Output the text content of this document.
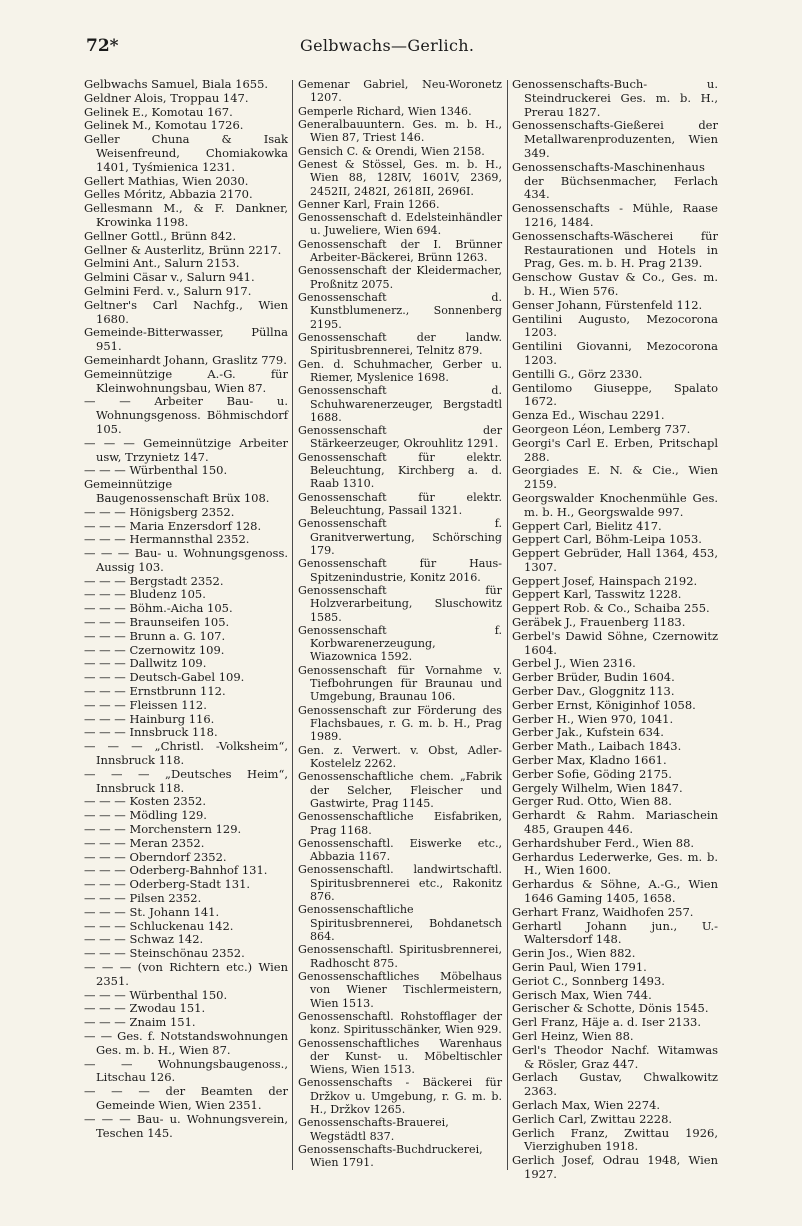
72*	Gelbwachs—Gerlich.

Gelbwachs Samuel, Biala 1655.

Geldner Alois, Troppau 147.

Gelinek E., Komotau 167.

Gelinek M., Komotau 1726.

Geller Chuna & Isak Weisenfreund, Chomiakowka 1401, Tyśmienica 1231.

Gellert Mathias, Wien 2030.

Gelles Móritz, Abbazia 2170.

Gellesmann M., & F. Dankner, Krowinka 1198.

Gellner Gottl., Brünn 842.

Gellner & Austerlitz, Brünn 2217.

Gelmini Ant., Salurn 2153.

Gelmini Cäsar v., Salurn 941.

Gelmini Ferd. v., Salurn 917.

Geltner's Carl Nachfg., Wien 1680.

Gemeinde-Bitterwasser, Püllna 951.

Gemeinhardt Johann, Graslitz 779.

Gemeinnützige A.-G. für Kleinwohnungsbau, Wien 87.

— — Arbeiter Bau- u. Wohnungsgenoss. Böhmischdorf 105.

— — — Gemeinnützige Arbeiter usw, Trzynietz 147.

— — — Würbenthal 150.

Gemeinnützige Baugenossenschaft Brüx 108.

— — — Hönigsberg 2352.

— — — Maria Enzersdorf 128.

— — — Hermannsthal 2352.

— — — Bau- u. Wohnungsgenoss. Aussig 103.

— — — Bergstadt 2352.

— — — Bludenz 105.

— — — Böhm.-Aicha 105.

— — — Braunseifen 105.

— — — Brunn a. G. 107.

— — — Czernowitz 109.

— — — Dallwitz 109.

— — — Deutsch-Gabel 109.

— — — Ernstbrunn 112.

— — — Fleissen 112.

— — — Hainburg 116.

— — — Innsbruck 118.

— — — „Christl. -Volksheim“, Innsbruck 118.

— — — „Deutsches Heim“, Innsbruck 118.

— — — Kosten 2352.

— — — Mödling 129.

— — — Morchenstern 129.

— — — Meran 2352.

— — — Oberndorf 2352.

— — — Oderberg-Bahnhof 131.

— — — Oderberg-Stadt 131.

— — — Pilsen 2352.

— — — St. Johann 141.

— — — Schluckenau 142.

— — — Schwaz 142.

— — — Steinschönau 2352.

— — — (von Richtern etc.) Wien 2351.

— — — Würbenthal 150.

— — — Zwodau 151.

— — — Znaim 151.

— — Ges. f. Notstandswohnungen Ges. m. b. H., Wien 87.

— — Wohnungsbaugenoss., Litschau 126.

— — — der Beamten der Gemeinde Wien, Wien 2351.

— — — Bau- u. Wohnungsverein, Teschen 145.

Gemenar Gabriel, Neu-Woronetz 1207.

Gemperle Richard, Wien 1346.

Generalbauuntern. Ges. m. b. H., Wien 87, Triest 146.

Gensich C. & Orendi, Wien 2158.

Genest & Stössel, Ges. m. b. H., Wien 88, 128IV, 1601V, 2369, 2452II, 2482I, 2618II, 2696I.

Genner Karl, Frain 1266.

Genossenschaft d. Edelsteinhändler u. Juweliere, Wien 694.

Genossenschaft der I. Brünner Arbeiter-Bäckerei, Brünn 1263.

Genossenschaft der Kleidermacher, Proßnitz 2075.

Genossenschaft d. Kunstblumenerz., Sonnenberg 2195.

Genossenschaft der landw. Spiritusbrennerei, Telnitz 879.

Gen. d. Schuhmacher, Gerber u. Riemer, Myslenice 1698.

Genossenschaft d. Schuhwarenerzeuger, Bergstadtl 1688.

Genossenschaft der Stärkeerzeuger, Okrouhlitz 1291.

Genossenschaft für elektr. Beleuchtung, Kirchberg a. d. Raab 1310.

Genossenschaft für elektr. Beleuchtung, Passail 1321.

Genossenschaft f. Granitverwertung, Schörsching 179.

Genossenschaft für Haus-Spitzenindustrie, Konitz 2016.

Genossenschaft für Holzverarbeitung, Sluschowitz 1585.

Genossenschaft f. Korbwarenerzeugung, Wiazownica 1592.

Genossenschaft für Vornahme v. Tiefbohrungen für Braunau und Umgebung, Braunau 106.

Genossenschaft zur Förderung des Flachsbaues, r. G. m. b. H., Prag 1989.

Gen. z. Verwert. v. Obst, Adler-Kostelelz 2262.

Genossenschaftliche chem. „Fabrik der Selcher, Fleischer und Gastwirte, Prag 1145.

Genossenschaftliche Eisfabriken, Prag 1168.

Genossenschaftl. Eiswerke etc., Abbazia 1167.

Genossenschaftl. landwirtschaftl. Spiritusbrennerei etc., Rakonitz 876.

Genossenschaftliche Spiritusbrennerei, Bohdanetsch 864.

Genossenschaftl. Spiritusbrennerei, Radhoscht 875.

Genossenschaftliches Möbelhaus von Wiener Tischlermeistern, Wien 1513.

Genossenschaftl. Rohstofflager der konz. Spiritusschänker, Wien 929.

Genossenschaftliches Warenhaus der Kunst- u. Möbeltischler Wiens, Wien 1513.

Genossenschafts - Bäckerei für Držkov u. Umgebung, r. G. m. b. H., Držkov 1265.

Genossenschafts-Brauerei, Wegstädtl 837.

Genossenschafts-Buchdruckerei, Wien 1791.

Genossenschafts-Buch- u. Steindruckerei Ges. m. b. H., Prerau 1827.

Genossenschafts-Gießerei der Metallwarenproduzenten, Wien 349.

Genossenschafts-Maschinenhaus der Büchsenmacher, Ferlach 434.

Genossenschafts - Mühle, Raase 1216, 1484.

Genossenschafts-Wäscherei für Restaurationen und Hotels in Prag, Ges. m. b. H. Prag 2139.

Genschow Gustav & Co., Ges. m. b. H., Wien 576.

Genser Johann, Fürstenfeld 112.

Gentilini Augusto, Mezocorona 1203.

Gentilini Giovanni, Mezocorona 1203.

Gentilli G., Görz 2330.

Gentilomo Giuseppe, Spalato 1672.

Genza Ed., Wischau 2291.

Georgeon Léon, Lemberg 737.

Georgi's Carl E. Erben, Pritschapl 288.

Georgiades E. N. & Cie., Wien 2159.

Georgswalder Knochenmühle Ges. m. b. H., Georgswalde 997.

Geppert Carl, Bielitz 417.

Geppert Carl, Böhm-Leipa 1053.

Geppert Gebrüder, Hall 1364, 453, 1307.

Geppert Josef, Hainspach 2192.

Geppert Karl, Tasswitz 1228.

Geppert Rob. & Co., Schaiba 255.

Geräbek J., Frauenberg 1183.

Gerbel's Dawid Söhne, Czernowitz 1604.

Gerbel J., Wien 2316.

Gerber Brüder, Budin 1604.

Gerber Dav., Gloggnitz 113.

Gerber Ernst, Königinhof 1058.

Gerber H., Wien 970, 1041.

Gerber Jak., Kufstein 634.

Gerber Math., Laibach 1843.

Gerber Max, Kladno 1661.

Gerber Sofie, Göding 2175.

Gergely Wilhelm, Wien 1847.

Gerger Rud. Otto, Wien 88.

Gerhardt & Rahm. Mariaschein 485, Graupen 446.

Gerhardshuber Ferd., Wien 88.

Gerhardus Lederwerke, Ges. m. b. H., Wien 1600.

Gerhardus & Söhne, A.-G., Wien 1646 Gaming 1405, 1658.

Gerhart Franz, Waidhofen 257.

Gerhartl Johann jun., U.-Waltersdorf 148.

Gerin Jos., Wien 882.

Gerin Paul, Wien 1791.

Geriot C., Sonnberg 1493.

Gerisch Max, Wien 744.

Gerischer & Schotte, Dönis 1545.

Gerl Franz, Häje a. d. Iser 2133.

Gerl Heinz, Wien 88.

Gerl's Theodor Nachf. Witamwas & Rösler, Graz 447.

Gerlach Gustav, Chwalkowitz 2363.

Gerlach Max, Wien 2274.

Gerlich Carl, Zwittau 2228.

Gerlich Franz, Zwittau 1926, Vierzighuben 1918.

Gerlich Josef, Odrau 1948, Wien 1927.
